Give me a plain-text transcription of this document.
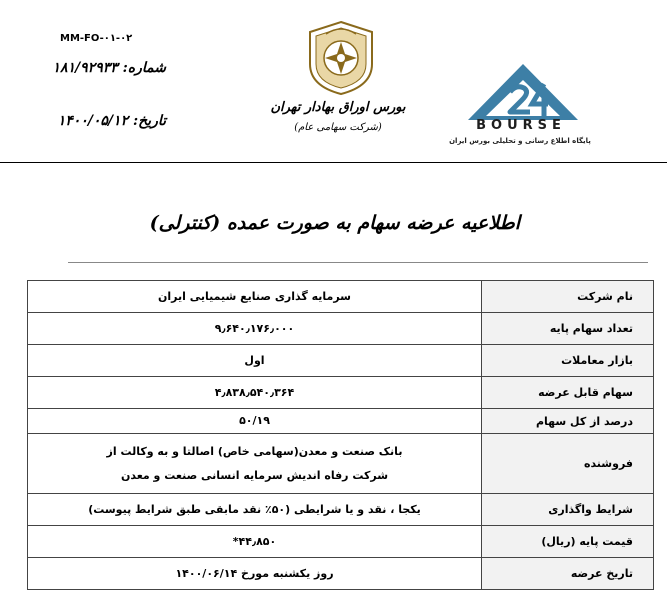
MM-FO-۰۱-۰۲
شماره: ۱۸۱/۹۲۹۳۳
تاریخ: ۱۴۰۰/۰۵/۱۲
بورس اوراق بهادار تهران
(شرکت سهامی عام)	BOURSE
پایگاه اطلاع رسانی و تحلیلی بورس ایران
اطلاعیه عرضه سهام به صورت عمده (کنترلی)
سرمایه گذاری صنایع شیمیایی ایران	نام شرکت

۹٫۶۴۰٫۱۷۶٫۰۰۰	تعداد سهام پایه

اول	بازار معاملات

۴٫۸۳۸٫۵۴۰٫۳۶۴	سهام قابل عرضه

۵۰/۱۹	درصد از کل سهام

بانک صنعت و معدن(سهامی خاص) اصالتا و به وکالت از
شرکت رفاه اندیش سرمایه انسانی صنعت و معدن	فروشنده

یکجا ، نقد و یا شرایطی (۵۰٪ نقد مابقی طبق شرایط پیوست)	شرایط واگذاری

۴۴٫۸۵۰*	قیمت پایه (ریال)

روز یکشنبه مورخ ۱۴۰۰/۰۶/۱۴	تاریخ عرضه
